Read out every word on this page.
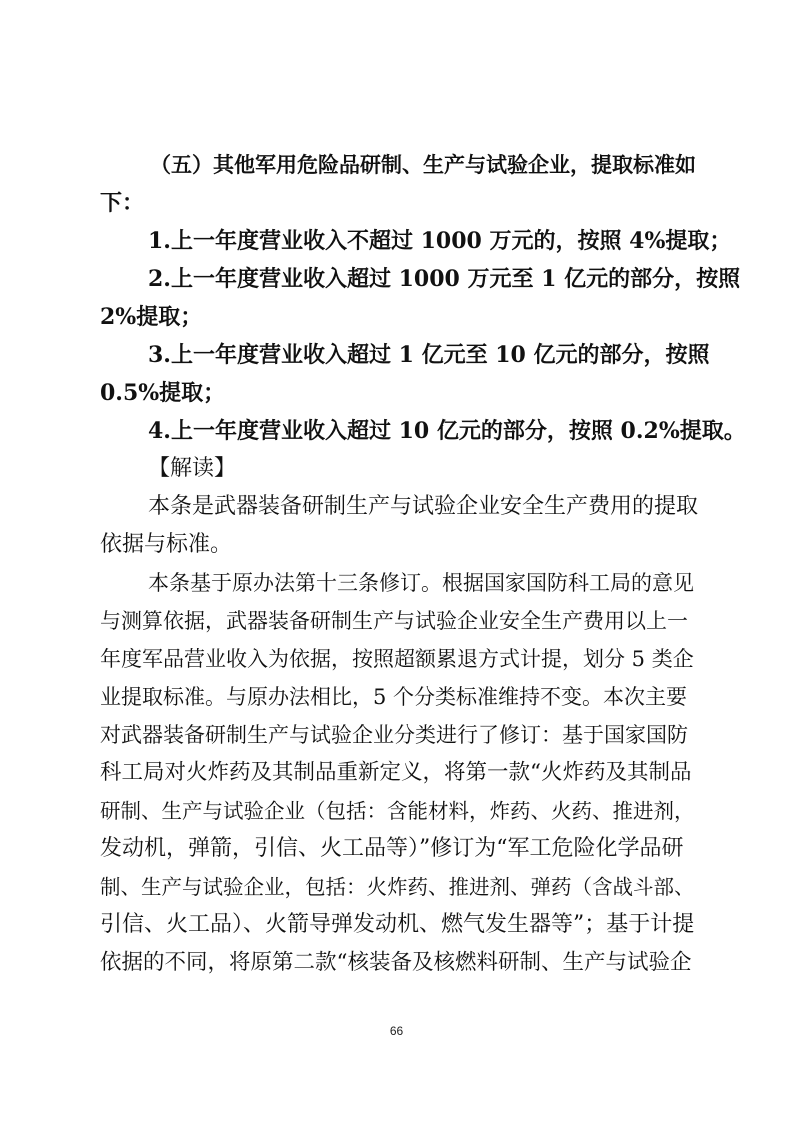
（五）其他军用危险品研制、生产与试验企业，提取标准如
下：
1.上一年度营业收入不超过 1000 万元的，按照 4%提取；
2.上一年度营业收入超过 1000 万元至 1 亿元的部分，按照
2%提取；
3.上一年度营业收入超过 1 亿元至 10 亿元的部分，按照
0.5%提取；
4.上一年度营业收入超过 10 亿元的部分，按照 0.2%提取。
【解读】
本条是武器装备研制生产与试验企业安全生产费用的提取
依据与标准。
本条基于原办法第十三条修订。根据国家国防科工局的意见
与测算依据，武器装备研制生产与试验企业安全生产费用以上一
年度军品营业收入为依据，按照超额累退方式计提，划分 5 类企
业提取标准。与原办法相比，5 个分类标准维持不变。本次主要
对武器装备研制生产与试验企业分类进行了修订：基于国家国防
科工局对火炸药及其制品重新定义，将第一款“火炸药及其制品
研制、生产与试验企业（包括：含能材料，炸药、火药、推进剂，
发动机，弹箭，引信、火工品等）”修订为“军工危险化学品研
制、生产与试验企业，包括：火炸药、推进剂、弹药（含战斗部、
引信、火工品）、火箭导弹发动机、燃气发生器等”；基于计提
依据的不同，将原第二款“核装备及核燃料研制、生产与试验企
66
